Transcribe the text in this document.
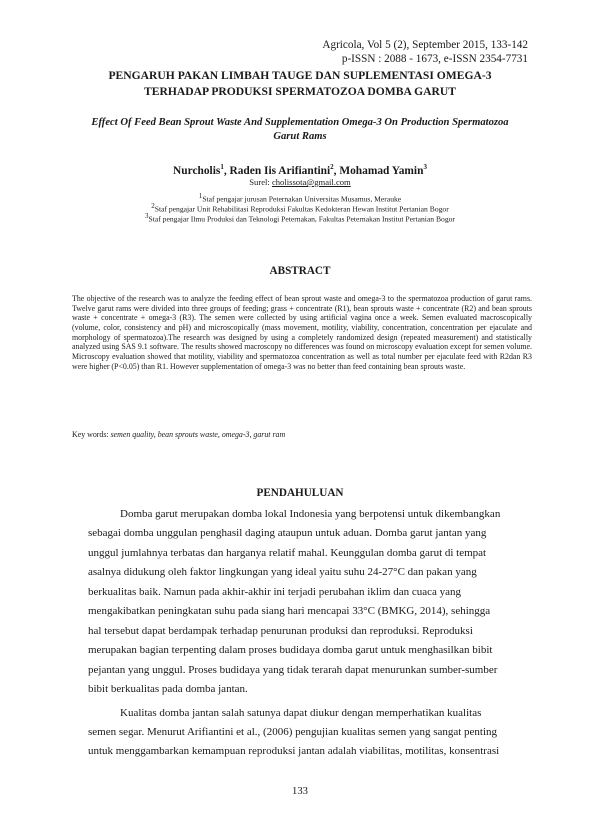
Agricola, Vol 5 (2), September 2015, 133-142
p-ISSN : 2088 - 1673, e-ISSN 2354-7731
PENGARUH PAKAN LIMBAH TAUGE DAN SUPLEMENTASI OMEGA-3
TERHADAP PRODUKSI SPERMATOZOA DOMBA GARUT
Effect Of Feed Bean Sprout Waste And Supplementation Omega-3 On Production Spermatozoa
Garut Rams
Nurcholis$^1$, Raden Iis Arifiantini$^2$, Mohamad Yamin$^3$
Surel: cholissota@gmail.com
$^1$Staf pengajar jurusan Peternakan Universitas Musamus, Merauke
$^2$Staf pengajar Unit Rehabilitasi Reproduksi Fakultas Kedokteran Hewan Institut Pertanian Bogor
$^3$Staf pengajar Ilmu Produksi dan Teknologi Peternakan, Fakultas Peternakan Institut Pertanian Bogor
ABSTRACT
The objective of the research was to analyze the feeding effect of bean sprout waste and omega-3 to the spermatozoa production of garut rams. Twelve garut rams were divided into three groups of feeding; grass + concentrate (R1), bean sprouts waste + concentrate (R2) and bean sprouts waste + concentrate + omega-3 (R3). The semen were collected by using artificial vagina once a week. Semen evaluated macroscopically (volume, color, consistency and pH) and microscopically (mass movement, motility, viability, concentration, concentration per ejaculate and morphology of spermatozoa).The research was designed by using a completely randomized design (repeated measurement) and statistically analyzed using SAS 9.1 software. The results showed macroscopy no differences was found on microscopy evaluation except for semen volume. Microscopy evaluation showed that motility, viability and spermatozoa concentration as well as total number per ejaculate feed with R2dan R3 were higher (P<0.05) than R1. However supplementation of omega-3 was no better than feed containing bean sprouts waste.
Key words: semen quality, bean sprouts waste, omega-3, garut ram
PENDAHULUAN
Domba garut merupakan domba lokal Indonesia yang berpotensi untuk dikembangkan
sebagai domba unggulan penghasil daging ataupun untuk aduan. Domba garut jantan yang
unggul jumlahnya terbatas dan harganya relatif mahal. Keunggulan domba garut di tempat
asalnya didukung oleh faktor lingkungan yang ideal yaitu suhu 24-27°C dan pakan yang
berkualitas baik. Namun pada akhir-akhir ini terjadi perubahan iklim dan cuaca yang
mengakibatkan peningkatan suhu pada siang hari mencapai 33°C (BMKG, 2014), sehingga
hal tersebut dapat berdampak terhadap penurunan produksi dan reproduksi. Reproduksi
merupakan bagian terpenting dalam proses budidaya domba garut untuk menghasilkan bibit
pejantan yang unggul. Proses budidaya yang tidak terarah dapat menurunkan sumber-sumber
bibit berkualitas pada domba jantan.
Kualitas domba jantan salah satunya dapat diukur dengan memperhatikan kualitas
semen segar. Menurut Arifiantini et al., (2006) pengujian kualitas semen yang sangat penting
untuk menggambarkan kemampuan reproduksi jantan adalah viabilitas, motilitas, konsentrasi
133
